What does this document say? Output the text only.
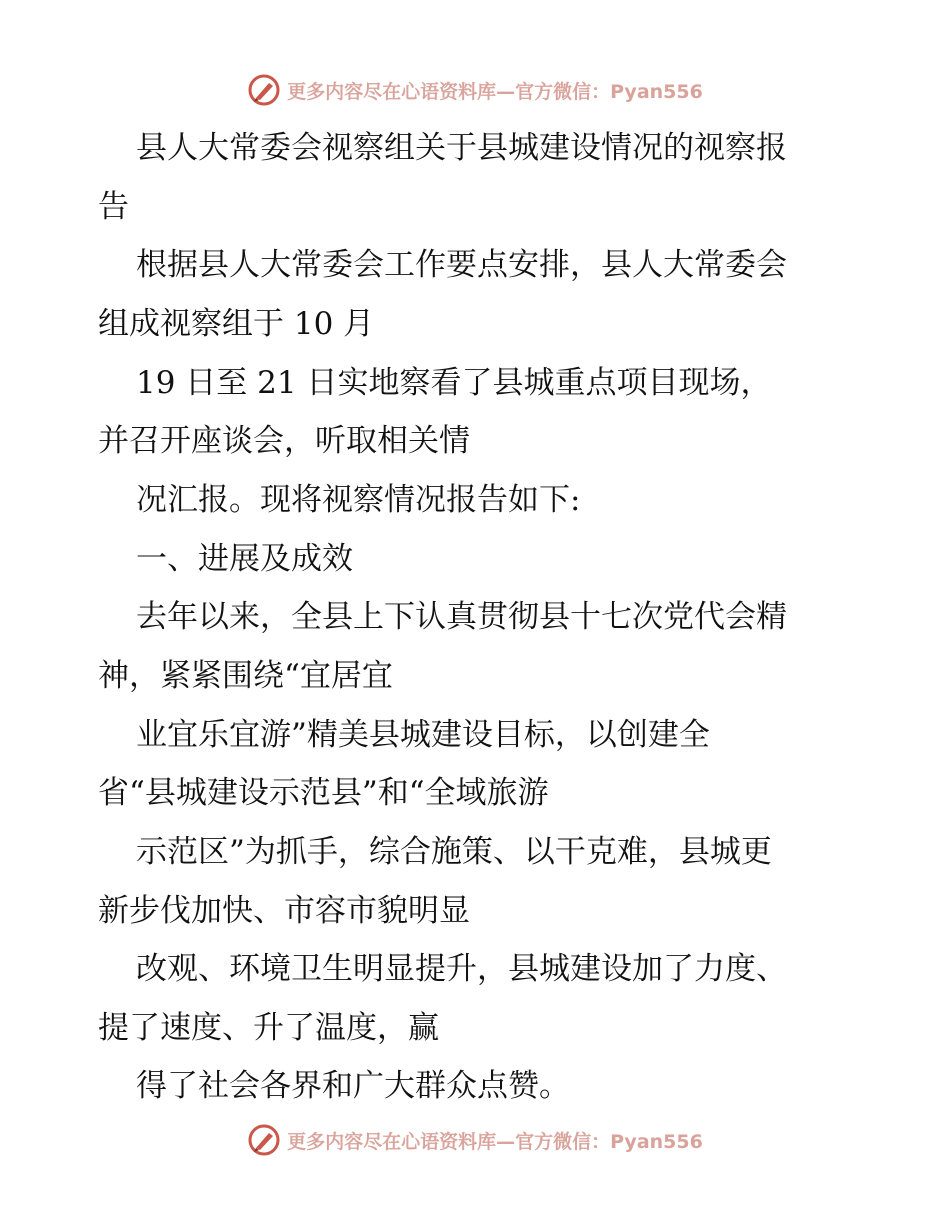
更多内容尽在心语资料库—官方微信：Pyan556
县人大常委会视察组关于县城建设情况的视察报
告
根据县人大常委会工作要点安排，县人大常委会
组成视察组于 10 月
19 日至 21 日实地察看了县城重点项目现场，
并召开座谈会，听取相关情
况汇报。现将视察情况报告如下:
一、进展及成效
去年以来，全县上下认真贯彻县十七次党代会精
神，紧紧围绕“宜居宜
业宜乐宜游”精美县城建设目标，以创建全
省“县城建设示范县”和“全域旅游
示范区”为抓手，综合施策、以干克难，县城更
新步伐加快、市容市貌明显
改观、环境卫生明显提升，县城建设加了力度、
提了速度、升了温度，赢
得了社会各界和广大群众点赞。
更多内容尽在心语资料库—官方微信：Pyan556
